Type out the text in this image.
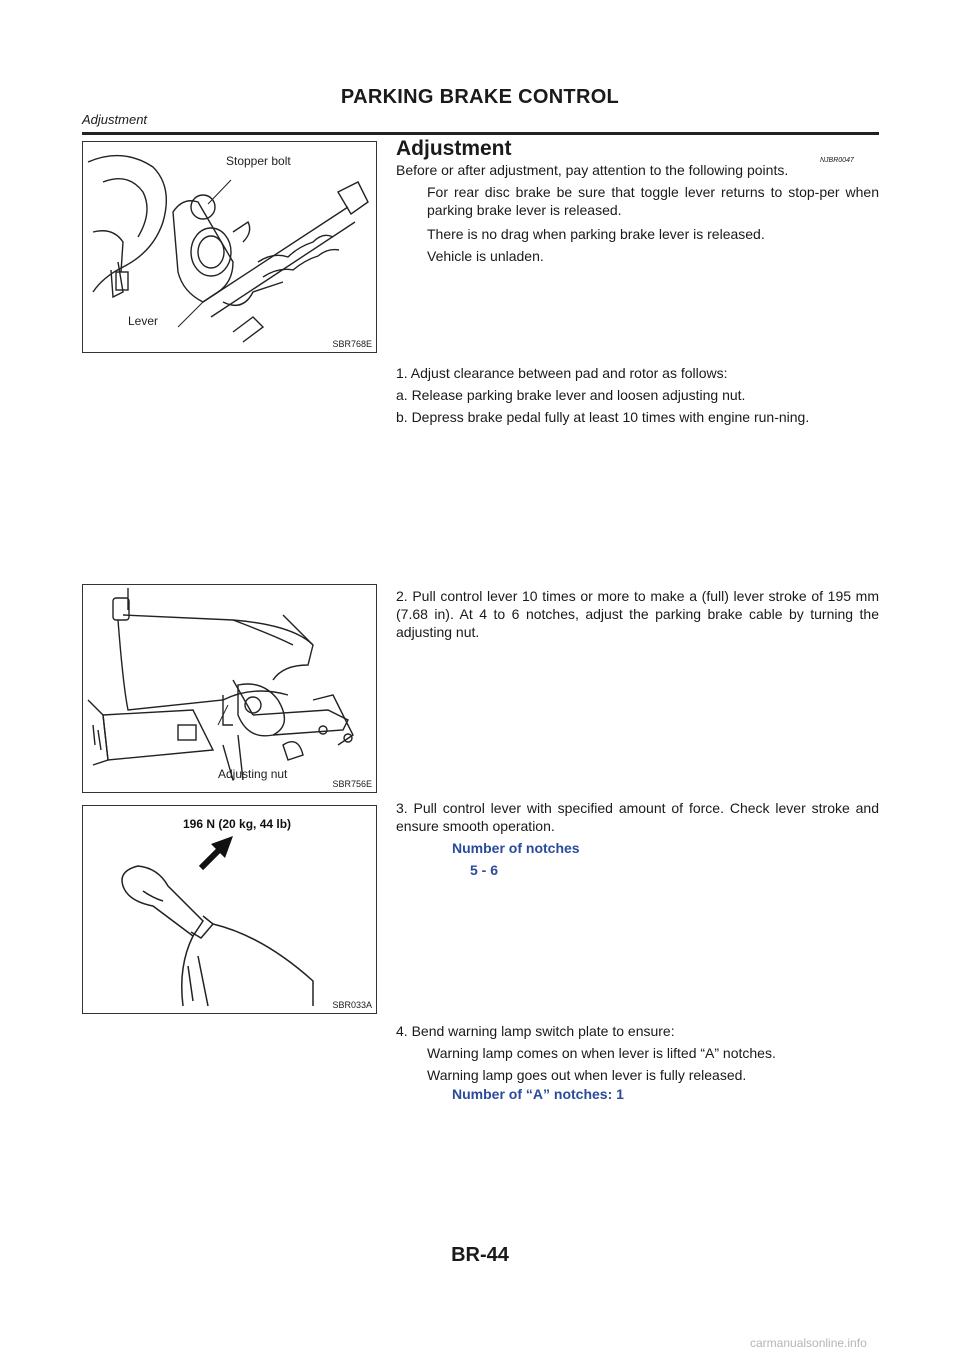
PARKING BRAKE CONTROL
Adjustment
Stopper bolt
Lever
SBR768E
Adjustment
NJBR0047
Before or after adjustment, pay attention to the following points.
For rear disc brake be sure that toggle lever returns to stop-per when parking brake lever is released.
There is no drag when parking brake lever is released.
Vehicle is unladen.
1. Adjust clearance between pad and rotor as follows:
a. Release parking brake lever and loosen adjusting nut.
b. Depress brake pedal fully at least 10 times with engine run-ning.
Adjusting nut
SBR756E
2. Pull control lever 10 times or more to make a (full) lever stroke of 195 mm (7.68 in). At 4 to 6 notches, adjust the parking brake cable by turning the adjusting nut.
196 N (20 kg, 44 lb)
SBR033A
3. Pull control lever with specified amount of force. Check lever stroke and ensure smooth operation.
Number of notches
5 - 6
4. Bend warning lamp switch plate to ensure:
Warning lamp comes on when lever is lifted “A” notches.
Warning lamp goes out when lever is fully released.
Number of “A” notches: 1
BR-44
carmanualsonline.info
